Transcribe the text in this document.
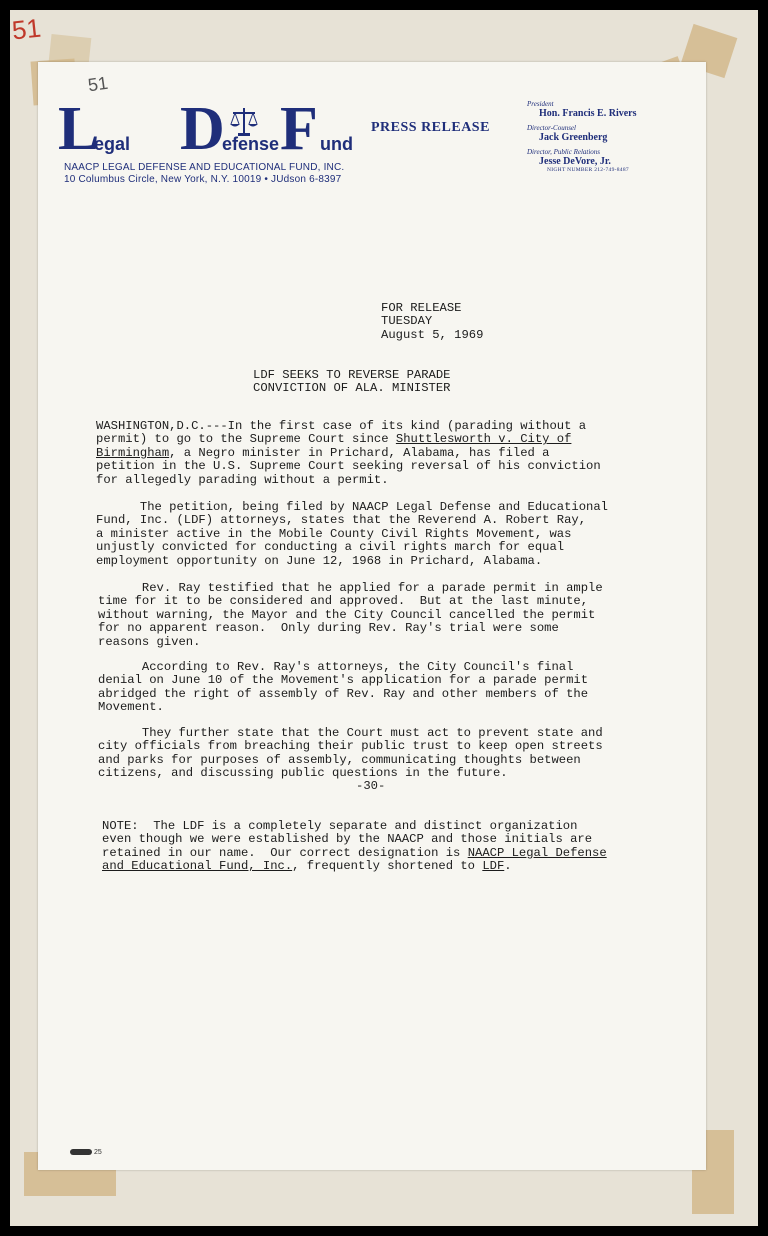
51
51
L
egal D
efense F und
NAACP LEGAL DEFENSE AND EDUCATIONAL FUND, INC.
10 Columbus Circle, New York, N.Y. 10019 • JUdson 6-8397
PRESS RELEASE
President
Hon. Francis E. Rivers
Director-Counsel
Jack Greenberg
Director, Public Relations
Jesse DeVore, Jr.
NIGHT NUMBER 212-749-8487

FOR RELEASE
TUESDAY
August 5, 1969

LDF SEEKS TO REVERSE PARADE
CONVICTION OF ALA. MINISTER

WASHINGTON,D.C.---In the first case of its kind (parading without a
permit) to go to the Supreme Court since Shuttlesworth v. City of
Birmingham, a Negro minister in Prichard, Alabama, has filed a
petition in the U.S. Supreme Court seeking reversal of his conviction
for allegedly parading without a permit.

The petition, being filed by NAACP Legal Defense and Educational
Fund, Inc. (LDF) attorneys, states that the Reverend A. Robert Ray,
a minister active in the Mobile County Civil Rights Movement, was
unjustly convicted for conducting a civil rights march for equal
employment opportunity on June 12, 1968 in Prichard, Alabama.

Rev. Ray testified that he applied for a parade permit in ample
time for it to be considered and approved.  But at the last minute,
without warning, the Mayor and the City Council cancelled the permit
for no apparent reason.  Only during Rev. Ray's trial were some
reasons given.

According to Rev. Ray's attorneys, the City Council's final
denial on June 10 of the Movement's application for a parade permit
abridged the right of assembly of Rev. Ray and other members of the
Movement.

They further state that the Court must act to prevent state and
city officials from breaching their public trust to keep open streets
and parks for purposes of assembly, communicating thoughts between
citizens, and discussing public questions in the future.

-30-

NOTE:  The LDF is a completely separate and distinct organization
even though we were established by the NAACP and those initials are
retained in our name.  Our correct designation is NAACP Legal Defense
and Educational Fund, Inc., frequently shortened to LDF.

25
